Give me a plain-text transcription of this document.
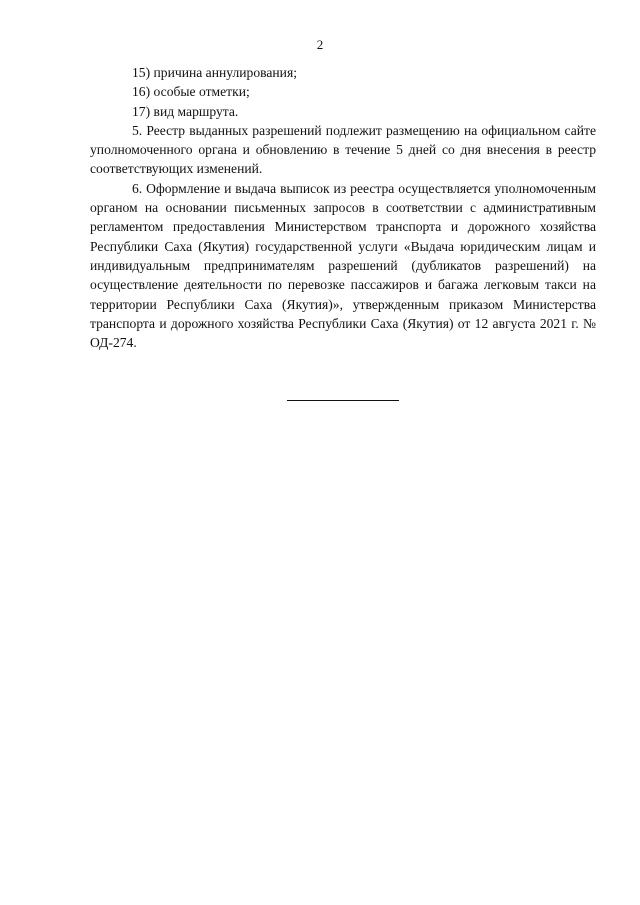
2

15) причина аннулирования;

16) особые отметки;

17) вид маршрута.

5. Реестр выданных разрешений подлежит размещению на официальном сайте уполномоченного органа и обновлению в течение 5 дней со дня внесения в реестр соответствующих изменений.

6. Оформление и выдача выписок из реестра осуществляется уполномоченным органом на основании письменных запросов в соответствии с административным регламентом предоставления Министерством транспорта и дорожного хозяйства Республики Саха (Якутия) государственной услуги «Выдача юридическим лицам и индивидуальным предпринимателям разрешений (дубликатов разрешений) на осуществление деятельности по перевозке пассажиров и багажа легковым такси на территории Республики Саха (Якутия)», утвержденным приказом Министерства транспорта и дорожного хозяйства Республики Саха (Якутия) от 12 августа 2021 г. № ОД-274.
